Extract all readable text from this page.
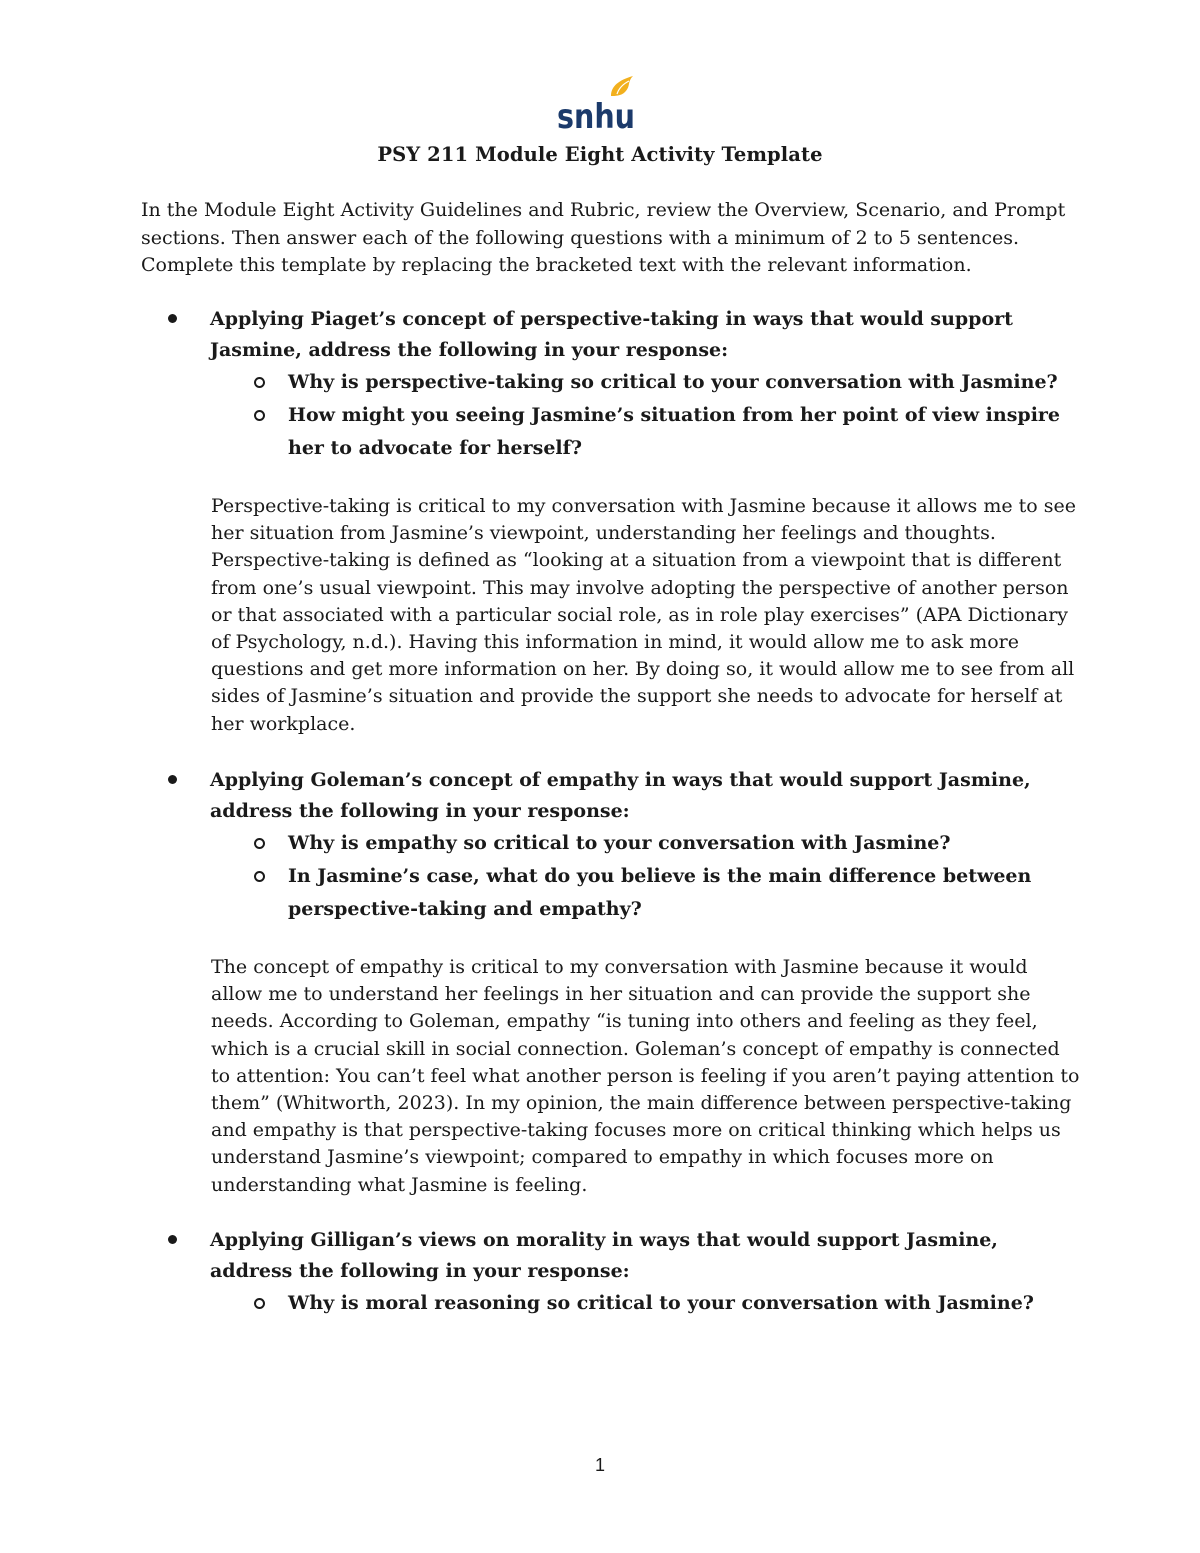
snhu
PSY 211 Module Eight Activity Template

In the Module Eight Activity Guidelines and Rubric, review the Overview, Scenario, and Prompt sections. Then answer each of the following questions with a minimum of 2 to 5 sentences. Complete this template by replacing the bracketed text with the relevant information.

Applying Piaget’s concept of perspective-taking in ways that would support Jasmine, address the following in your response:

Why is perspective-taking so critical to your conversation with Jasmine?

How might you seeing Jasmine’s situation from her point of view inspire her to advocate for herself?

Perspective-taking is critical to my conversation with Jasmine because it allows me to see her situation from Jasmine’s viewpoint, understanding her feelings and thoughts. Perspective-taking is defined as “looking at a situation from a viewpoint that is different from one’s usual viewpoint. This may involve adopting the perspective of another person or that associated with a particular social role, as in role play exercises” (APA Dictionary of Psychology, n.d.). Having this information in mind, it would allow me to ask more questions and get more information on her. By doing so, it would allow me to see from all sides of Jasmine’s situation and provide the support she needs to advocate for herself at her workplace.

Applying Goleman’s concept of empathy in ways that would support Jasmine, address the following in your response:

Why is empathy so critical to your conversation with Jasmine?

In Jasmine’s case, what do you believe is the main difference between perspective-taking and empathy?

The concept of empathy is critical to my conversation with Jasmine because it would allow me to understand her feelings in her situation and can provide the support she needs. According to Goleman, empathy “is tuning into others and feeling as they feel, which is a crucial skill in social connection. Goleman’s concept of empathy is connected to attention: You can’t feel what another person is feeling if you aren’t paying attention to them” (Whitworth, 2023). In my opinion, the main difference between perspective-taking and empathy is that perspective-taking focuses more on critical thinking which helps us understand Jasmine’s viewpoint; compared to empathy in which focuses more on understanding what Jasmine is feeling.

Applying Gilligan’s views on morality in ways that would support Jasmine, address the following in your response:

Why is moral reasoning so critical to your conversation with Jasmine?

1
